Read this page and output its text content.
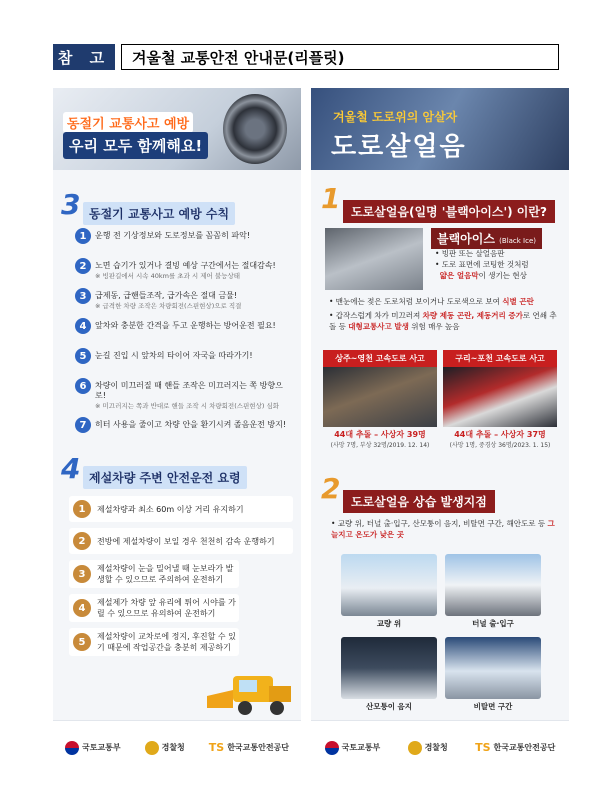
참 고	겨울철 교통안전 안내문(리플릿)
동절기 교통사고 예방
우리 모두 함께해요!
3 동절기 교통사고 예방 수칙
1	운행 전 기상정보와 도로정보를 꼼꼼히 파악!
2	노면 습기가 있거나 결빙 예상 구간에서는 절대감속!
※ 빙판길에서 시속 40km를 초과 시 제어 불능상태
3	급제동, 급핸들조작, 급가속은 절대 금물!
※ 급격한 차량 조작은 차량회전(스핀현상)으로 직결
4	앞차와 충분한 간격을 두고 운행하는 방어운전 필요!
5	눈길 진입 시 앞차의 타이어 자국을 따라가기!
6	차량이 미끄러질 때 핸들 조작은 미끄러지는 쪽 방향으로!
※ 미끄러지는 쪽과 반대로 핸들 조작 시 차량회전(스핀현상) 심화
7	히터 사용을 줄이고 차량 안을 환기시켜 졸음운전 방지!
4 제설차량 주변 안전운전 요령
1	제설차량과 최소 60m 이상 거리 유지하기
2	전방에 제설차량이 보일 경우 천천히 감속 운행하기
3	제설차량이 눈을 밀어낼 때 눈보라가 발생할 수 있으므로 주의하여 운전하기
4	제설제가 차량 앞 유리에 튀어 시야를 가릴 수 있으므로 유의하여 운전하기
5	제설차량이 교차로에 정지, 후진할 수 있기 때문에 작업공간을 충분히 제공하기
국토교통부	경찰청 TS 한국교통안전공단
겨울철 도로위의 암살자
도로살얼음
1 도로살얼음(일명 '블랙아이스') 이란?
블랙아이스 (Black Ice)
• 빙판 또는 살얼음판
• 도로 표면에 코팅한 것처럼
얇은 얼음막이 생기는 현상
• 맨눈에는 젖은 도로처럼 보이거나 도로색으로 보여 식별 곤란
• 갑작스럽게 차가 미끄러져 차량 제동 곤란, 제동거리 증가로 연쇄 추돌 등 대형교통사고 발생 위험 매우 높음
상주~영천 고속도로 사고
44대 추돌 – 사상자 39명
(사망 7명, 부상 32명/2019. 12. 14)
구리~포천 고속도로 사고
44대 추돌 – 사상자 37명
(사망 1명, 중경상 36명/2023. 1. 15)
2 도로살얼음 상습 발생지점
• 교량 위, 터널 출·입구, 산모퉁이 음지, 비탈면 구간, 해안도로 등 그늘지고 온도가 낮은 곳
교량 위	터널 출·입구
산모퉁이 음지	비탈면 구간
국토교통부	경찰청 TS 한국교통안전공단
